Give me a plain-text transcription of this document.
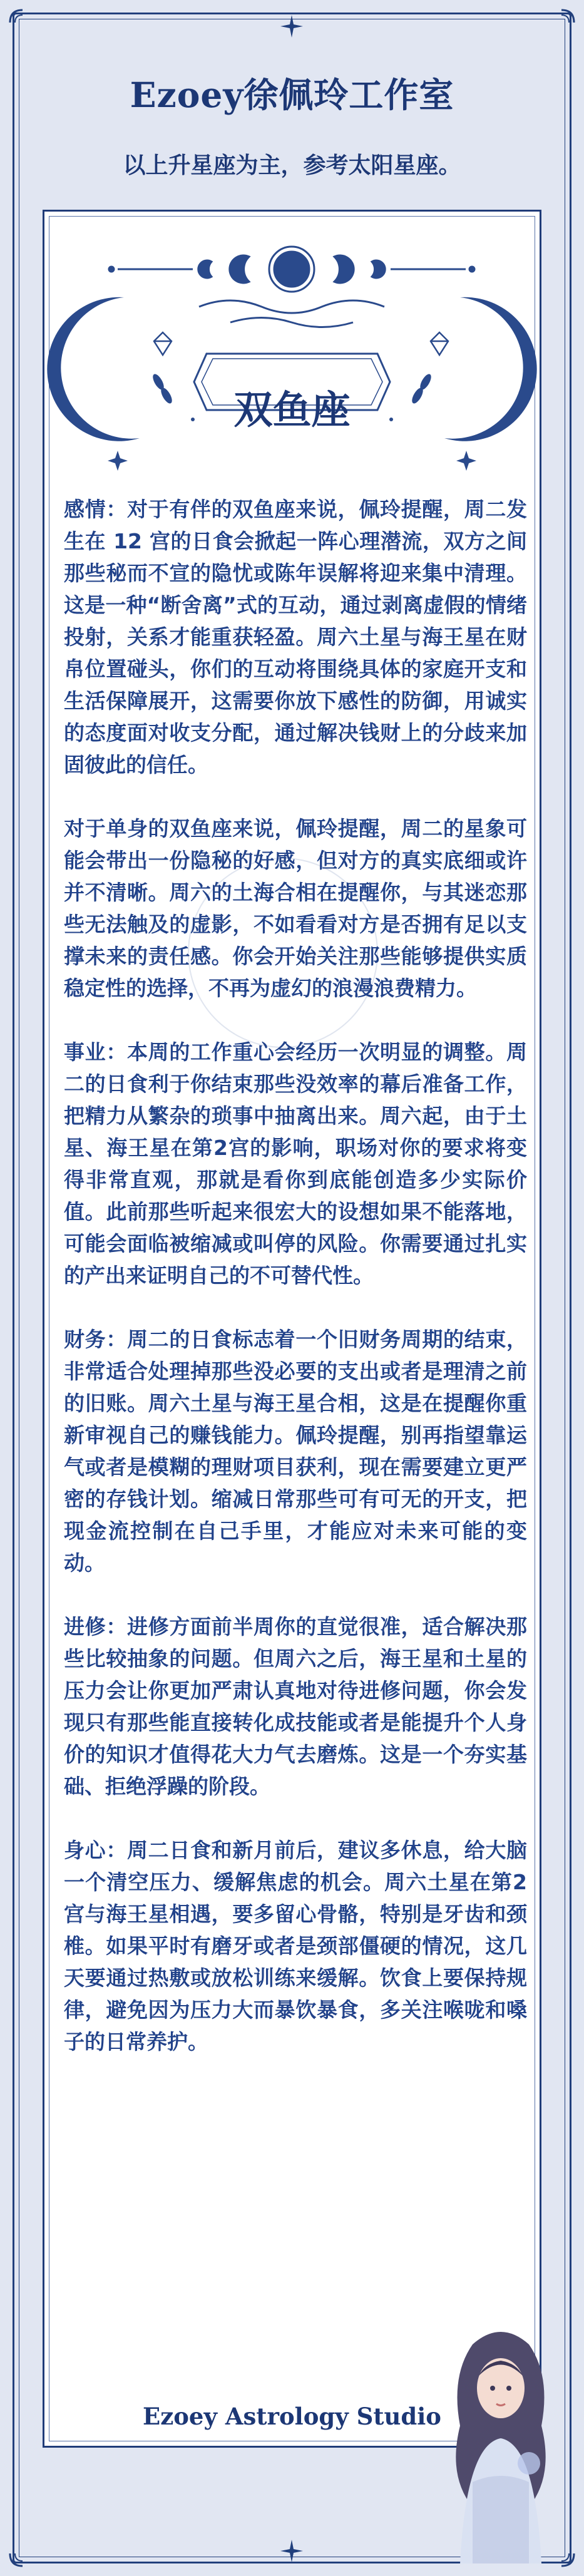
Ezoey徐佩玲工作室
以上升星座为主，参考太阳星座。
双鱼座

感情：对于有伴的双鱼座来说，佩玲提醒，周二发生在 12 宫的日食会掀起一阵心理潜流，双方之间那些秘而不宣的隐忧或陈年误解将迎来集中清理。这是一种“断舍离”式的互动，通过剥离虚假的情绪投射，关系才能重获轻盈。周六土星与海王星在财帛位置碰头，你们的互动将围绕具体的家庭开支和生活保障展开，这需要你放下感性的防御，用诚实的态度面对收支分配，通过解决钱财上的分歧来加固彼此的信任。

对于单身的双鱼座来说，佩玲提醒，周二的星象可能会带出一份隐秘的好感，但对方的真实底细或许并不清晰。周六的土海合相在提醒你，与其迷恋那些无法触及的虚影，不如看看对方是否拥有足以支撑未来的责任感。你会开始关注那些能够提供实质稳定性的选择，不再为虚幻的浪漫浪费精力。

事业：本周的工作重心会经历一次明显的调整。周二的日食利于你结束那些没效率的幕后准备工作，把精力从繁杂的琐事中抽离出来。周六起，由于土星、海王星在第2宫的影响，职场对你的要求将变得非常直观，那就是看你到底能创造多少实际价值。此前那些听起来很宏大的设想如果不能落地，可能会面临被缩减或叫停的风险。你需要通过扎实的产出来证明自己的不可替代性。

财务：周二的日食标志着一个旧财务周期的结束，非常适合处理掉那些没必要的支出或者是理清之前的旧账。周六土星与海王星合相，这是在提醒你重新审视自己的赚钱能力。佩玲提醒，别再指望靠运气或者是模糊的理财项目获利，现在需要建立更严密的存钱计划。缩减日常那些可有可无的开支，把现金流控制在自己手里，才能应对未来可能的变动。

进修：进修方面前半周你的直觉很准，适合解决那些比较抽象的问题。但周六之后，海王星和土星的压力会让你更加严肃认真地对待进修问题，你会发现只有那些能直接转化成技能或者是能提升个人身价的知识才值得花大力气去磨炼。这是一个夯实基础、拒绝浮躁的阶段。

身心：周二日食和新月前后，建议多休息，给大脑一个清空压力、缓解焦虑的机会。周六土星在第2宫与海王星相遇，要多留心骨骼，特别是牙齿和颈椎。如果平时有磨牙或者是颈部僵硬的情况，这几天要通过热敷或放松训练来缓解。饮食上要保持规律，避免因为压力大而暴饮暴食，多关注喉咙和嗓子的日常养护。

Ezoey Astrology Studio
